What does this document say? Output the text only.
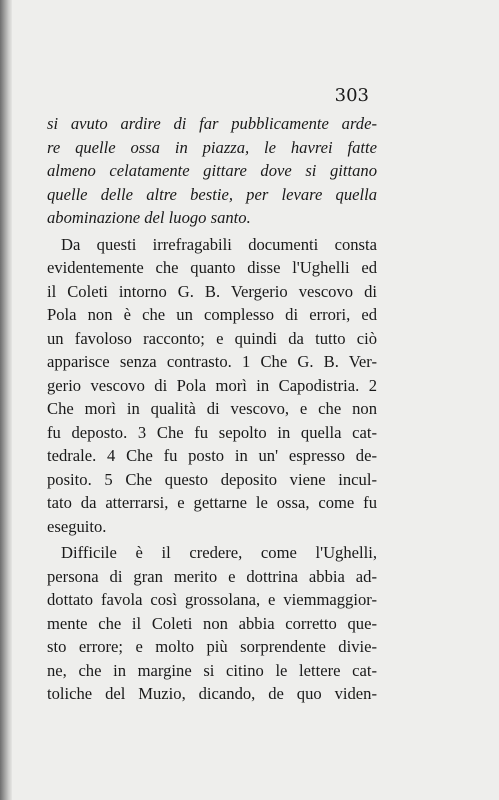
303
si avuto ardire di far pubblicamente arde-
re quelle ossa in piazza, le havrei fatte
almeno celatamente gittare dove si gittano
quelle delle altre bestie, per levare quella
abominazione del luogo santo.
Da questi irrefragabili documenti consta
evidentemente che quanto disse l'Ughelli ed
il Coleti intorno G. B. Vergerio vescovo di
Pola non è che un complesso di errori, ed
un favoloso racconto; e quindi da tutto ciò
apparisce senza contrasto. 1 Che G. B. Ver-
gerio vescovo di Pola morì in Capodistria. 2
Che morì in qualità di vescovo, e che non
fu deposto. 3 Che fu sepolto in quella cat-
tedrale. 4 Che fu posto in un' espresso de-
posito. 5 Che questo deposito viene incul-
tato da atterrarsi, e gettarne le ossa, come fu
eseguito.
Difficile è il credere, come l'Ughelli,
persona di gran merito e dottrina abbia ad-
dottato favola così grossolana, e viemmaggior-
mente che il Coleti non abbia corretto que-
sto errore; e molto più sorprendente divie-
ne, che in margine si citino le lettere cat-
toliche del Muzio, dicando, de quo viden-
